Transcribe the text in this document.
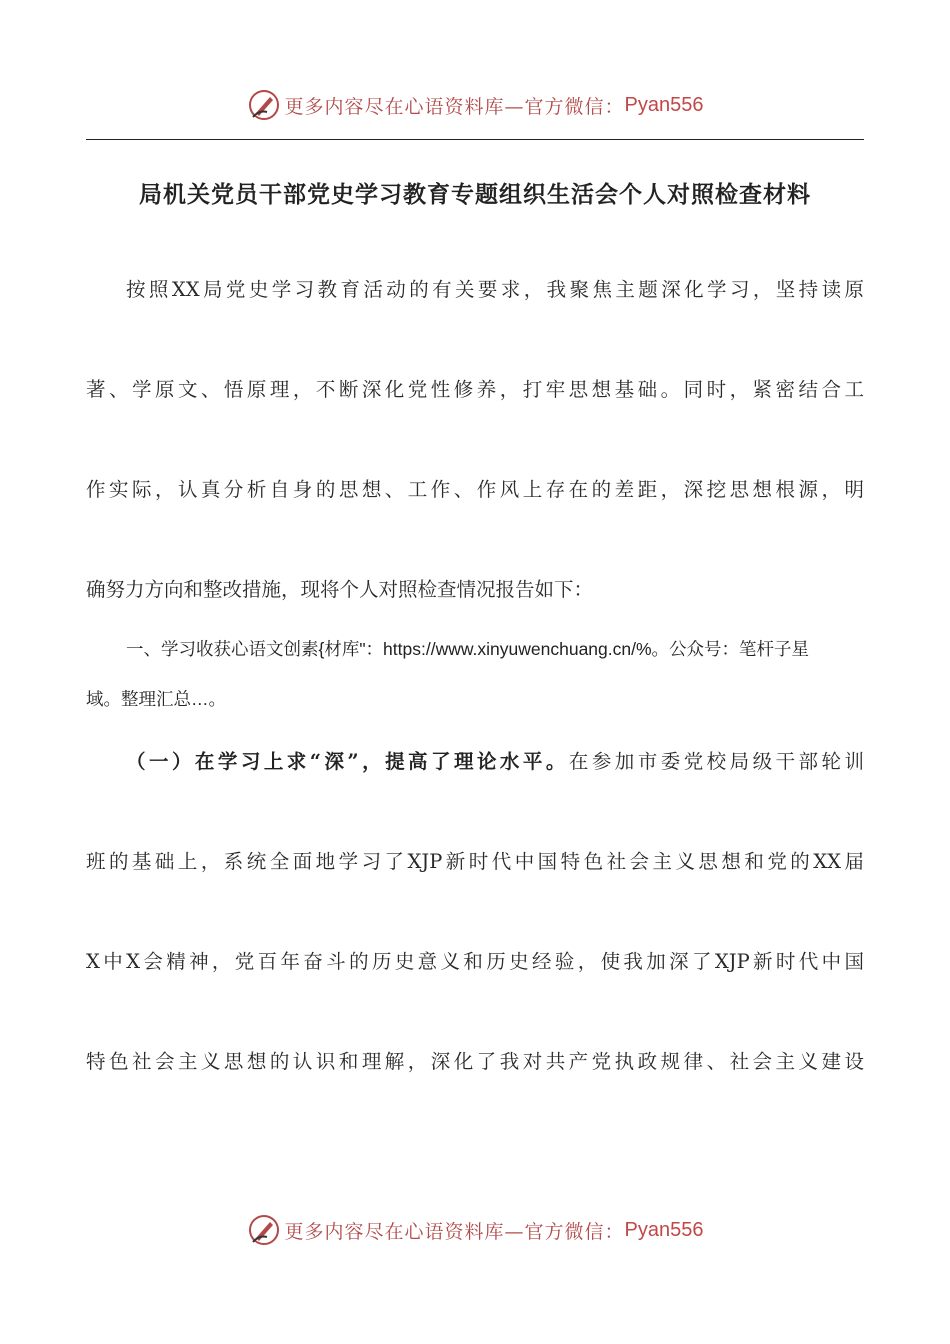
更多内容尽在心语资料库—官方微信： Pyan556
局机关党员干部党史学习教育专题组织生活会个人对照检查材料
按照XX局党史学习教育活动的有关要求，我聚焦主题深化学习，坚持读原
著、学原文、悟原理，不断深化党性修养，打牢思想基础。同时，紧密结合工
作实际，认真分析自身的思想、工作、作风上存在的差距，深挖思想根源，明
确努力方向和整改措施，现将个人对照检查情况报告如下：
一、学习收获心语文创素{材库"：https://www.xinyuwenchuang.cn/%。公众号：笔杆子星
域。整理汇总…。
（一）在学习上求“深”，提高了理论水平。在参加市委党校局级干部轮训
班的基础上，系统全面地学习了XJP新时代中国特色社会主义思想和党的XX届
X中X会精神，党百年奋斗的历史意义和历史经验，使我加深了XJP新时代中国
特色社会主义思想的认识和理解，深化了我对共产党执政规律、社会主义建设
更多内容尽在心语资料库—官方微信： Pyan556
